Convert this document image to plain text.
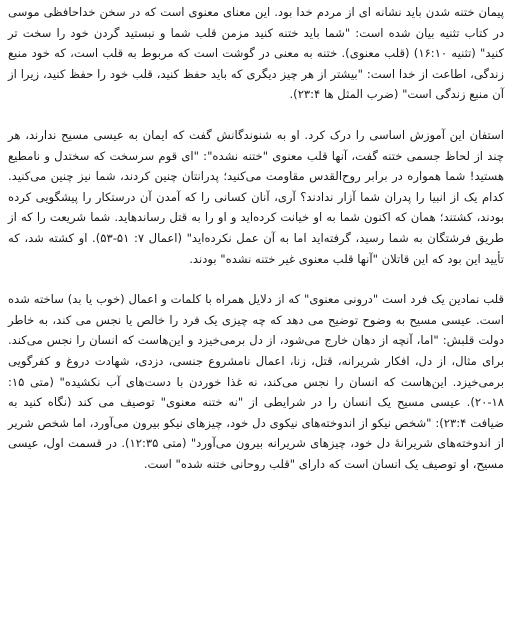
پیمان ختنه شدن باید نشانه ای از مردم خدا بود. این معنای معنوی است که در سخن خداحافظی موسی در کتاب تثنیه بیان شده است: "شما باید ختنه کنید مزمن قلب شما و نبستید گردن خود را سخت تر کنید" (تثنیه ۱۶:۱۰) (قلب معنوی). ختنه به معنی در گوشت است که مربوط به قلب است، که خود منبع زندگی، اطاعت از خدا است: "بیشتر از هر چیز دیگری که باید حفظ کنید، قلب خود را حفظ کنید، زیرا از آن منبع زندگی است" (ضرب المثل ها ۲۳:۴).

استفان این آموزش اساسی را درک کرد. او به شنوندگانش گفت که ایمان به عیسی مسیح ندارند، هر چند از لحاظ جسمی ختنه گفت، آنها قلب معنوی "ختنه نشده": "ای قوم سرسخت که سختدل و نامطیع هستید! شما همواره در برابر روح‌القدس مقاومت می‌کنید؛ پدرانتان چنین کردند، شما نیز چنین می‌کنید. کدام یک از انبیا را پدران شما آزار ندادند؟ آری، آنان کسانی را که آمدن آن درستکار را پیشگویی کرده بودند، کشتند؛ همان که اکنون شما به او خیانت کرده‌اید و او را به قتل رساندهاید. شما شریعت را که از طریق فرشتگان به شما رسید، گرفته‌اید اما به آن عمل نکرده‌اید" (اعمال ۷: ۵۱-۵۳). او کشته شد، که تأیید این بود که این قاتلان "آنها قلب معنوی غیر ختنه نشده" بودند.

قلب نمادین یک فرد است "درونی معنوی" که از دلایل همراه با کلمات و اعمال (خوب یا بد) ساخته شده است. عیسی مسیح به وضوح توضیح می دهد که چه چیزی یک فرد را خالص یا نجس می کند، به خاطر دولت قلبش: "اما، آنچه از دهان خارج می‌شود، از دل برمی‌خیزد و این‌هاست که انسان را نجس می‌کند. برای مثال، از دل، افکار شریرانه، قتل، زنا، اعمال نامشروع جنسی، دزدی، شهادت دروغ و کفرگویی برمی‌خیزد. این‌هاست که انسان را نجس می‌کند، نه غذا خوردن با دست‌های آب نکشیده" (متی ۱۵: ۱۸-۲۰). عیسی مسیح یک انسان را در شرایطی از "نه ختنه معنوی" توصیف می کند (نگاه کنید به ضیافت ۲۳:۴): "شخص نیکو از اندوخته‌های نیکوی دل خود، چیزهای نیکو بیرون می‌آورد، اما شخص شریر از اندوخته‌های شریرانهٔ دل خود، چیزهای شریرانه بیرون می‌آورد" (متی ۱۲:۳۵). در قسمت اول، عیسی مسیح، او توصیف یک انسان است که دارای "قلب روحانی ختنه شده" است.
